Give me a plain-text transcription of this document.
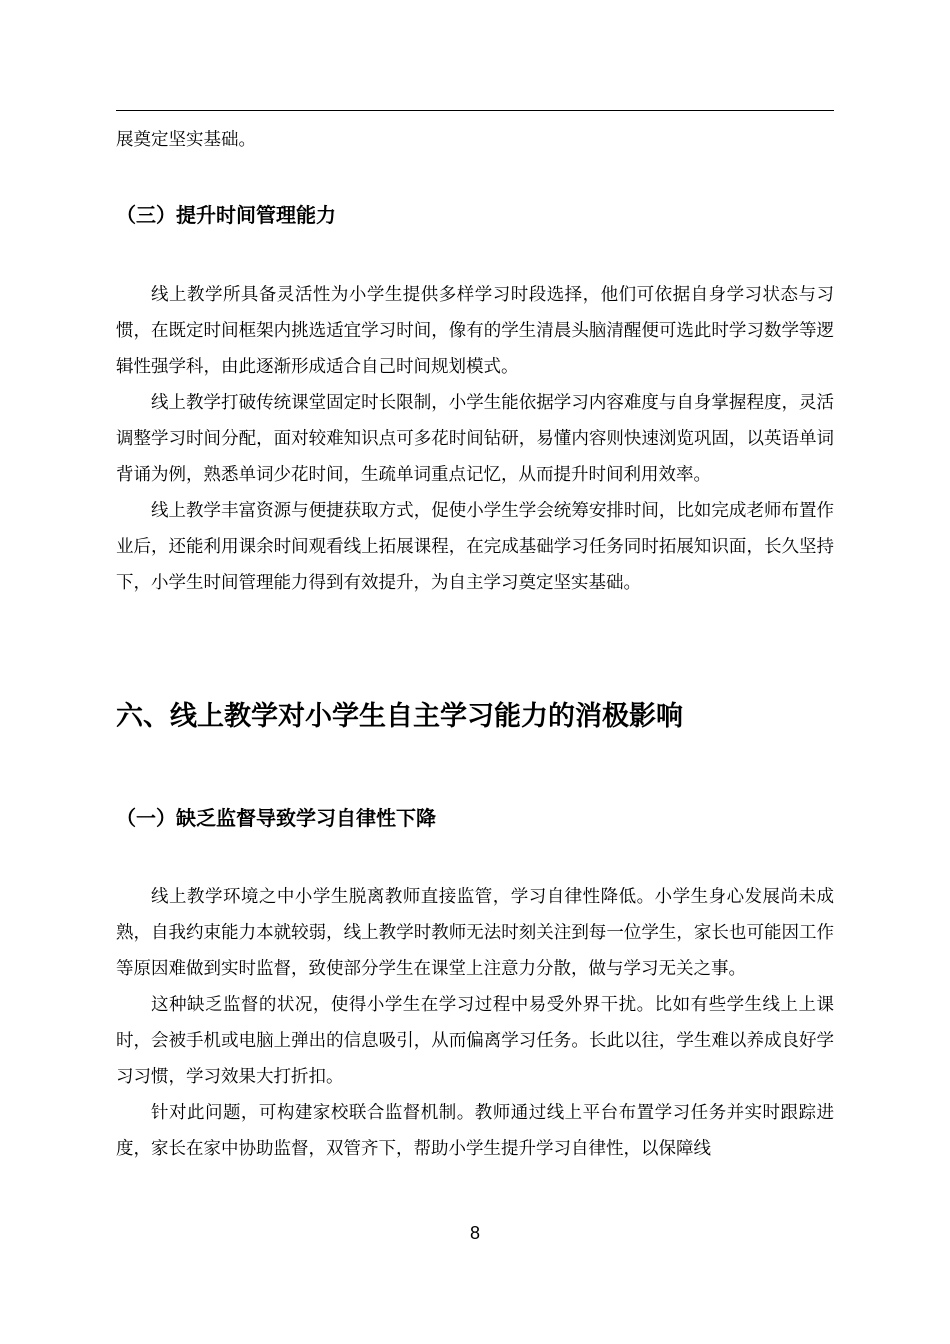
展奠定坚实基础。

（三）提升时间管理能力

线上教学所具备灵活性为小学生提供多样学习时段选择，他们可依据自身学习状态与习惯，在既定时间框架内挑选适宜学习时间，像有的学生清晨头脑清醒便可选此时学习数学等逻辑性强学科，由此逐渐形成适合自己时间规划模式。

线上教学打破传统课堂固定时长限制，小学生能依据学习内容难度与自身掌握程度，灵活调整学习时间分配，面对较难知识点可多花时间钻研，易懂内容则快速浏览巩固，以英语单词背诵为例，熟悉单词少花时间，生疏单词重点记忆，从而提升时间利用效率。

线上教学丰富资源与便捷获取方式，促使小学生学会统筹安排时间，比如完成老师布置作业后，还能利用课余时间观看线上拓展课程，在完成基础学习任务同时拓展知识面，长久坚持下，小学生时间管理能力得到有效提升，为自主学习奠定坚实基础。

六、线上教学对小学生自主学习能力的消极影响
（一）缺乏监督导致学习自律性下降

线上教学环境之中小学生脱离教师直接监管，学习自律性降低。小学生身心发展尚未成熟，自我约束能力本就较弱，线上教学时教师无法时刻关注到每一位学生，家长也可能因工作等原因难做到实时监督，致使部分学生在课堂上注意力分散，做与学习无关之事。

这种缺乏监督的状况，使得小学生在学习过程中易受外界干扰。比如有些学生线上上课时，会被手机或电脑上弹出的信息吸引，从而偏离学习任务。长此以往，学生难以养成良好学习习惯，学习效果大打折扣。

针对此问题，可构建家校联合监督机制。教师通过线上平台布置学习任务并实时跟踪进度，家长在家中协助监督，双管齐下，帮助小学生提升学习自律性，以保障线

8
